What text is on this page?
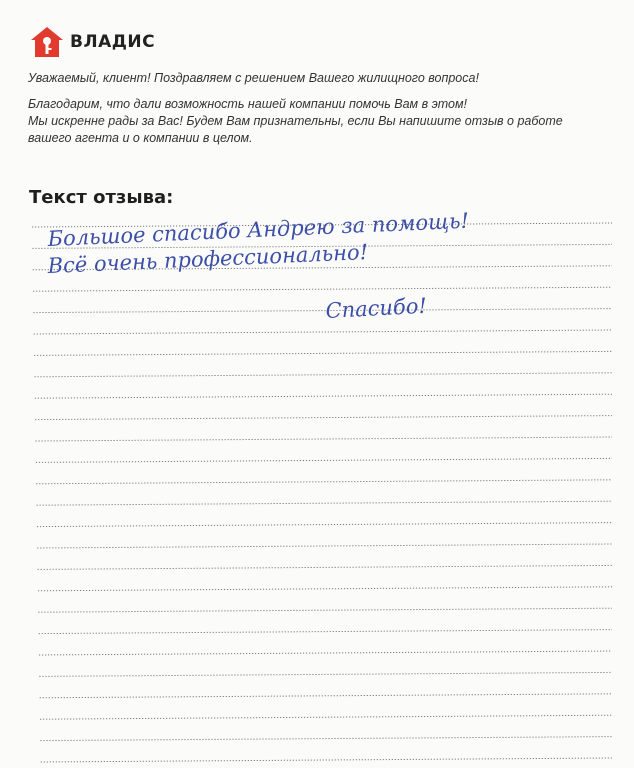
ВЛАДИС

Уважаемый, клиент! Поздравляем с решением Вашего жилищного вопроса!

Благодарим, что дали возможность нашей компании помочь Вам в этом!

Мы искренне рады за Вас! Будем Вам признательны, если Вы напишите отзыв о работе

вашего агента и о компании в целом.

Текст отзыва:
Большое спасибо Андрею за помощь!
Всё очень профессионально!
Спасибо!
